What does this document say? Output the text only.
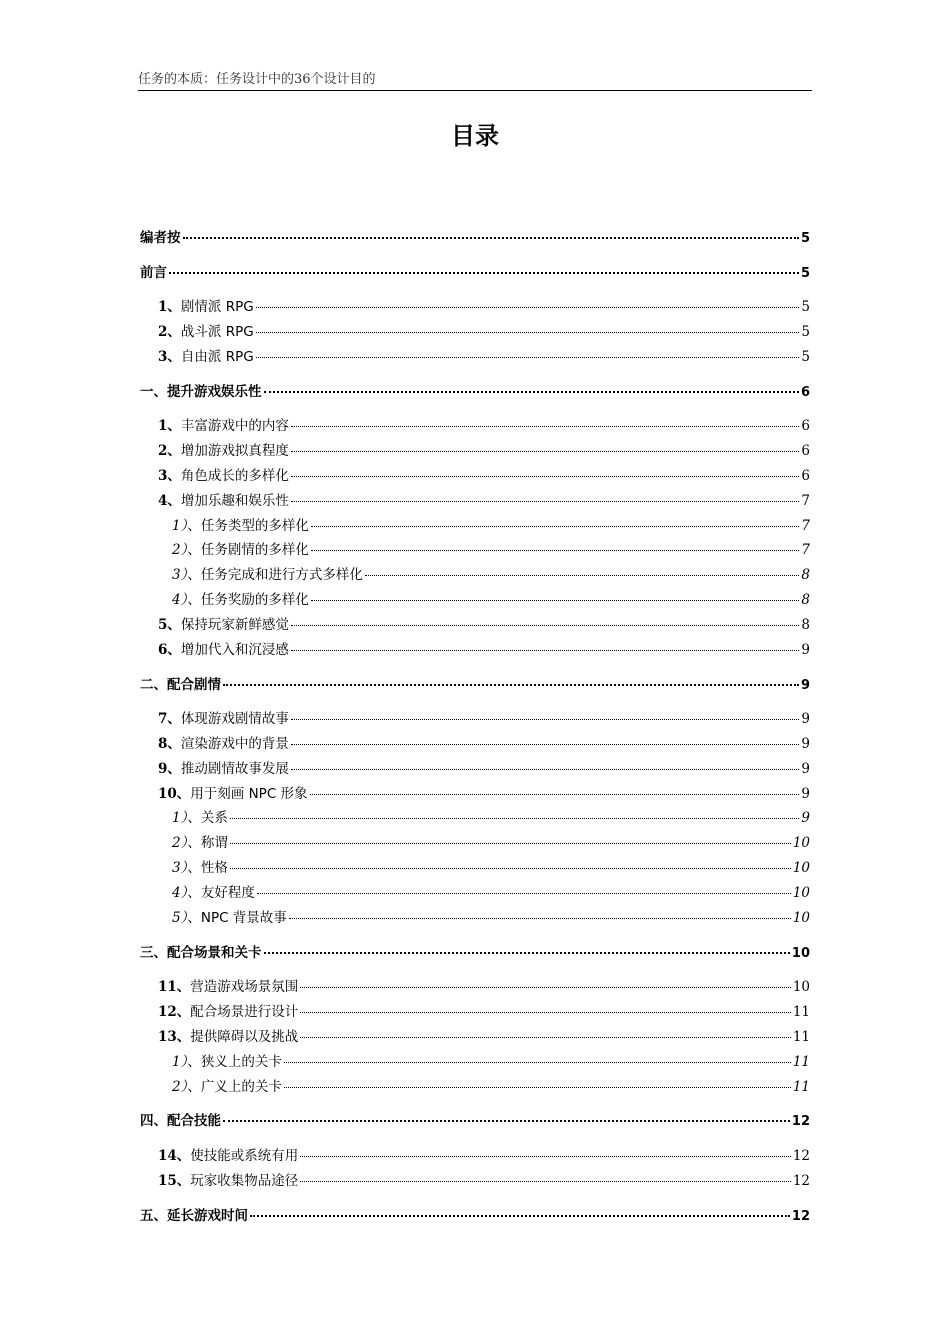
任务的本质：任务设计中的36个设计目的
目录
编者按	5
前言	5
1、剧情派 RPG	5
2、战斗派 RPG	5
3、自由派 RPG	5
一、提升游戏娱乐性	6
1、丰富游戏中的内容	6
2、增加游戏拟真程度	6
3、角色成长的多样化	6
4、增加乐趣和娱乐性	7
1）、任务类型的多样化	7
2）、任务剧情的多样化	7
3）、任务完成和进行方式多样化	8
4）、任务奖励的多样化	8
5、保持玩家新鲜感觉	8
6、增加代入和沉浸感	9
二、配合剧情	9
7、体现游戏剧情故事	9
8、渲染游戏中的背景	9
9、推动剧情故事发展	9
10、用于刻画 NPC 形象	9
1）、关系	9
2）、称谓	10
3）、性格	10
4）、友好程度	10
5）、NPC 背景故事	10
三、配合场景和关卡	10
11、营造游戏场景氛围	10
12、配合场景进行设计	11
13、提供障碍以及挑战	11
1）、狭义上的关卡	11
2）、广义上的关卡	11
四、配合技能	12
14、使技能或系统有用	12
15、玩家收集物品途径	12
五、延长游戏时间	12
